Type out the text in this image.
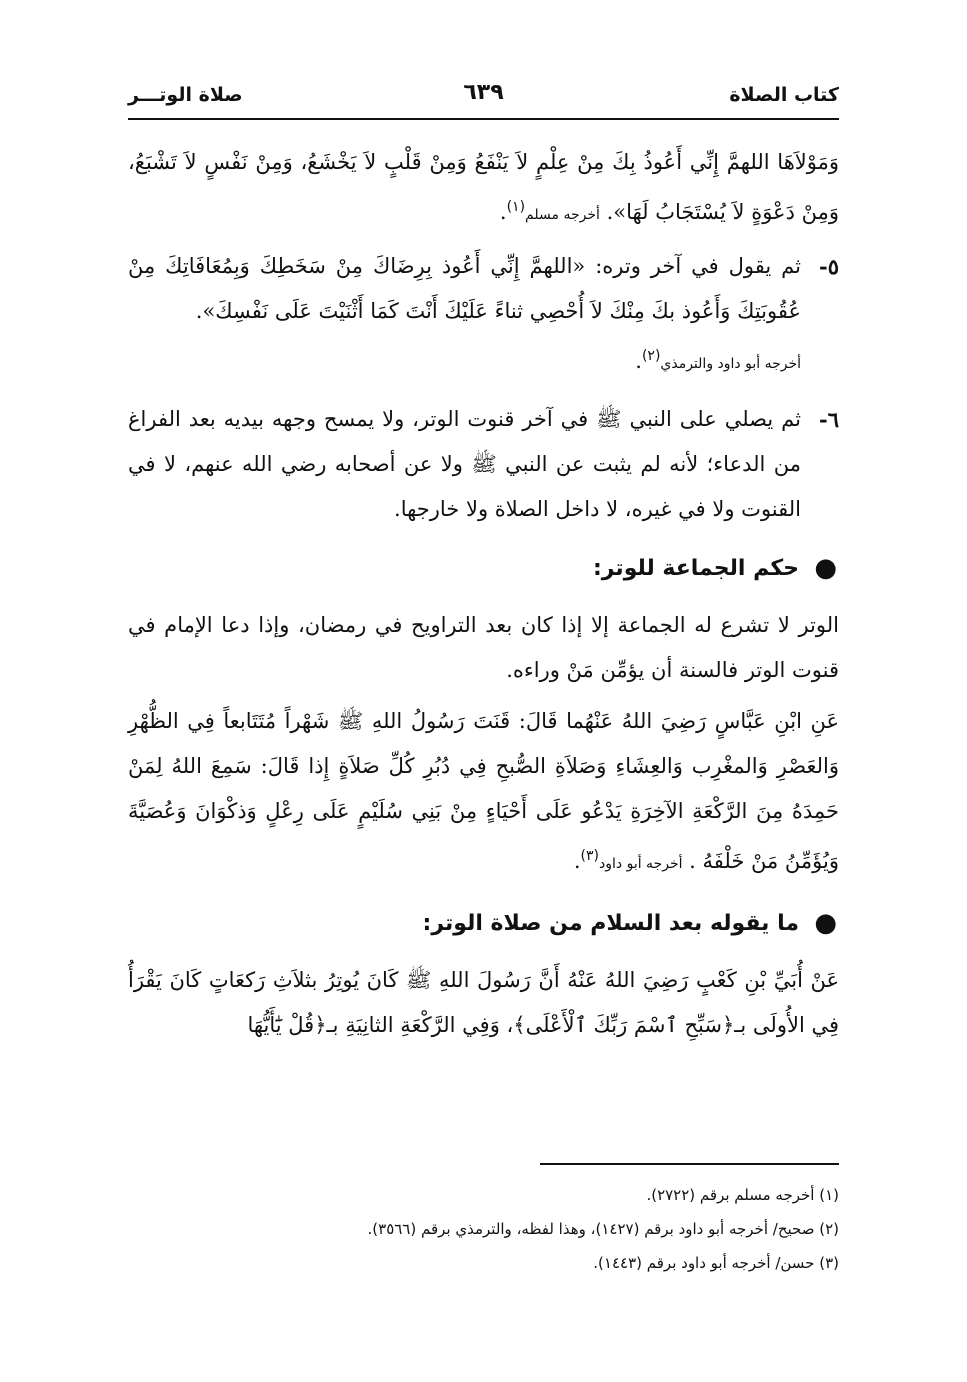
كتاب الصلاة
٦٣٩
صلاة الوتـــر

وَمَوْلاَهَا اللهمَّ إِنِّي أَعُوذُ بِكَ مِنْ عِلْمٍ لاَ يَنْفَعُ وَمِنْ قَلْبٍ لاَ يَخْشَعُ، وَمِنْ نَفْسٍ لاَ تَشْبَعُ، وَمِنْ دَعْوَةٍ لاَ يُسْتَجَابُ لَهَا». أخرجه مسلم$^{(١)}$.

٥-
ثم يقول في آخر وتره: «اللهمَّ إِنِّي أَعُوذ بِرِضَاكَ مِنْ سَخَطِكَ وَبِمُعَافَاتِكَ مِنْ عُقُوبَتِكَ وَأَعُوذ بكَ مِنْكَ لاَ أُحْصِي ثناءً عَلَيْكَ أَنْتَ كَمَا أَثْنَيْتَ عَلَى نَفْسِكَ».
أخرجه أبو داود والترمذي$^{(٢)}$.
٦-
ثم يصلي على النبي ﷺ في آخر قنوت الوتر، ولا يمسح وجهه بيديه بعد الفراغ من الدعاء؛ لأنه لم يثبت عن النبي ﷺ ولا عن أصحابه رضي الله عنهم، لا في القنوت ولا في غيره، لا داخل الصلاة ولا خارجها.
●
حكم الجماعة للوتر:

الوتر لا تشرع له الجماعة إلا إذا كان بعد التراويح في رمضان، وإذا دعا الإمام في قنوت الوتر فالسنة أن يؤمِّن مَنْ وراءه.

عَنِ ابْنِ عَبَّاسٍ رَضِيَ اللهُ عَنْهُما قَالَ: قَنَتَ رَسُولُ اللهِ ﷺ شَهْراً مُتَتَابعاً فِي الظُّهْرِ وَالعَصْرِ وَالمغْرِب وَالعِشَاءِ وَصَلاَةِ الصُّبحِ فِي دُبُرِ كُلِّ صَلاَةٍ إِذا قَالَ: سَمِعَ اللهُ لِمَنْ حَمِدَهُ مِنَ الرَّكْعَةِ الآخِرَةِ يَدْعُو عَلَى أَحْيَاءٍ مِنْ بَنِي سُلَيْمٍ عَلَى رِعْلٍ وَذكْوَانَ وَعُصَيَّةَ وَيُؤَمِّنُ مَنْ خَلْفَهُ . أخرجه أبو داود$^{(٣)}$.

●
ما يقوله بعد السلام من صلاة الوتر:

عَنْ أُبَيِّ بْنِ كَعْبٍ رَضِيَ اللهُ عَنْهُ أَنَّ رَسُولَ اللهِ ﷺ كَانَ يُوتِرُ بثلاَثِ رَكعَاتٍ كَانَ يَقْرَأُ فِي الأُولَى بـ﴿سَبِّحِ ٱسْمَ رَبِّكَ ٱلْأَعْلَى﴾، وَفِي الرَّكْعَةِ الثانِيَةِ بـ﴿قُلْ يَٰٓأَيُّهَا

(١) أخرجه مسلم برقم (٢٧٢٢).
(٢) صحيح/ أخرجه أبو داود برقم (١٤٢٧)، وهذا لفظه، والترمذي برقم (٣٥٦٦).
(٣) حسن/ أخرجه أبو داود برقم (١٤٤٣).
